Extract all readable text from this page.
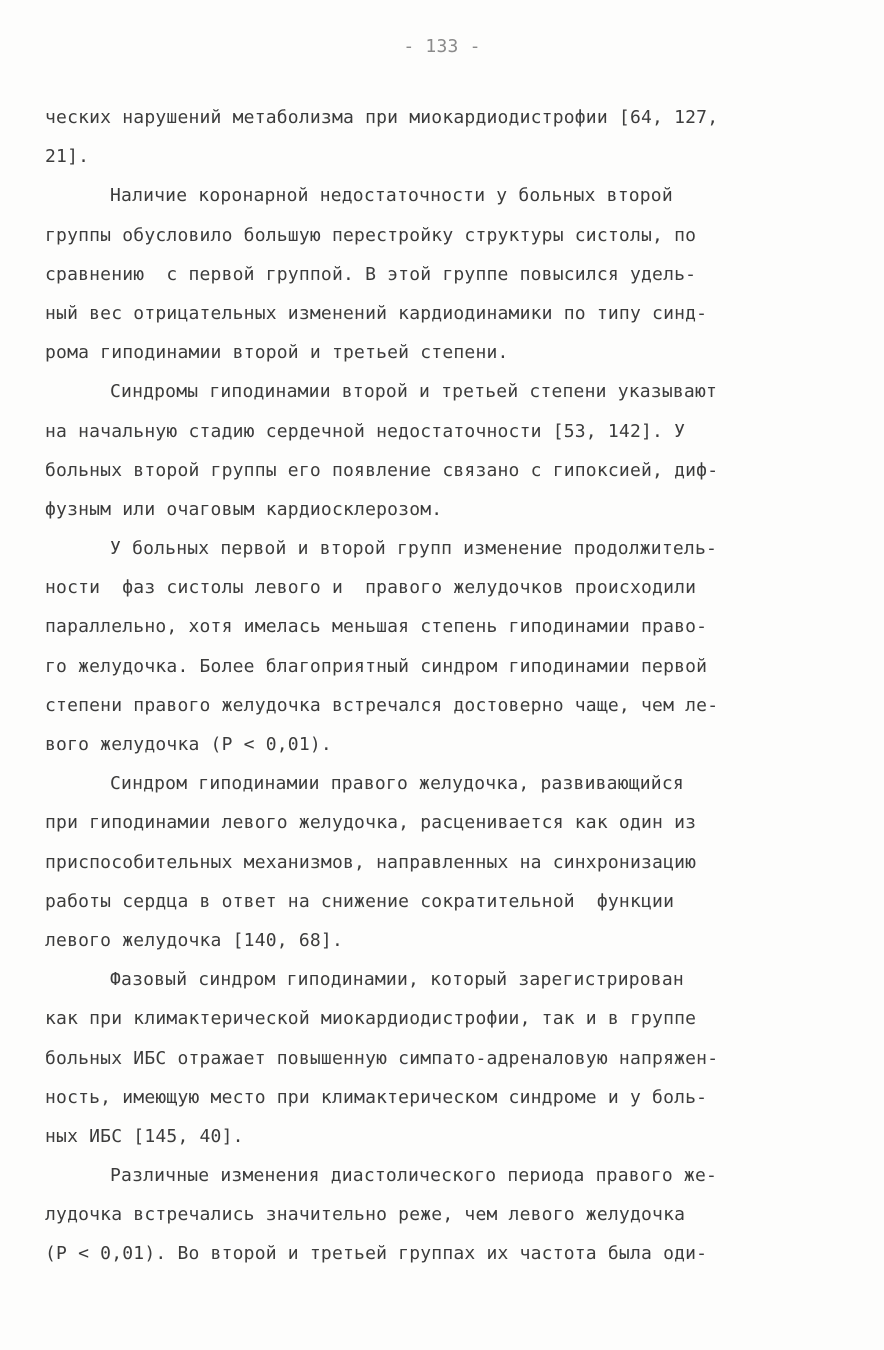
- 133 -
ческих нарушений метаболизма при миокардиодистрофии [64, 127,
21].
Наличие коронарной недостаточности у больных второй
группы обусловило большую перестройку структуры систолы, по
сравнению  с первой группой. В этой группе повысился удель-
ный вес отрицательных изменений кардиодинамики по типу синд-
рома гиподинамии второй и третьей степени.
Синдромы гиподинамии второй и третьей степени указывают
на начальную стадию сердечной недостаточности [53, 142]. У
больных второй группы его появление связано с гипоксией, диф-
фузным или очаговым кардиосклерозом.
У больных первой и второй групп изменение продолжитель-
ности  фаз систолы левого и  правого желудочков происходили
параллельно, хотя имелась меньшая степень гиподинамии право-
го желудочка. Более благоприятный синдром гиподинамии первой
степени правого желудочка встречался достоверно чаще, чем ле-
вого желудочка (P < 0,01).
Синдром гиподинамии правого желудочка, развивающийся
при гиподинамии левого желудочка, расценивается как один из
приспособительных механизмов, направленных на синхронизацию
работы сердца в ответ на снижение сократительной  функции
левого желудочка [140, 68].
Фазовый синдром гиподинамии, который зарегистрирован
как при климактерической миокардиодистрофии, так и в группе
больных ИБС отражает повышенную симпато-адреналовую напряжен-
ность, имеющую место при климактерическом синдроме и у боль-
ных ИБС [145, 40].
Различные изменения диастолического периода правого же-
лудочка встречались значительно реже, чем левого желудочка
(P < 0,01). Во второй и третьей группах их частота была оди-
